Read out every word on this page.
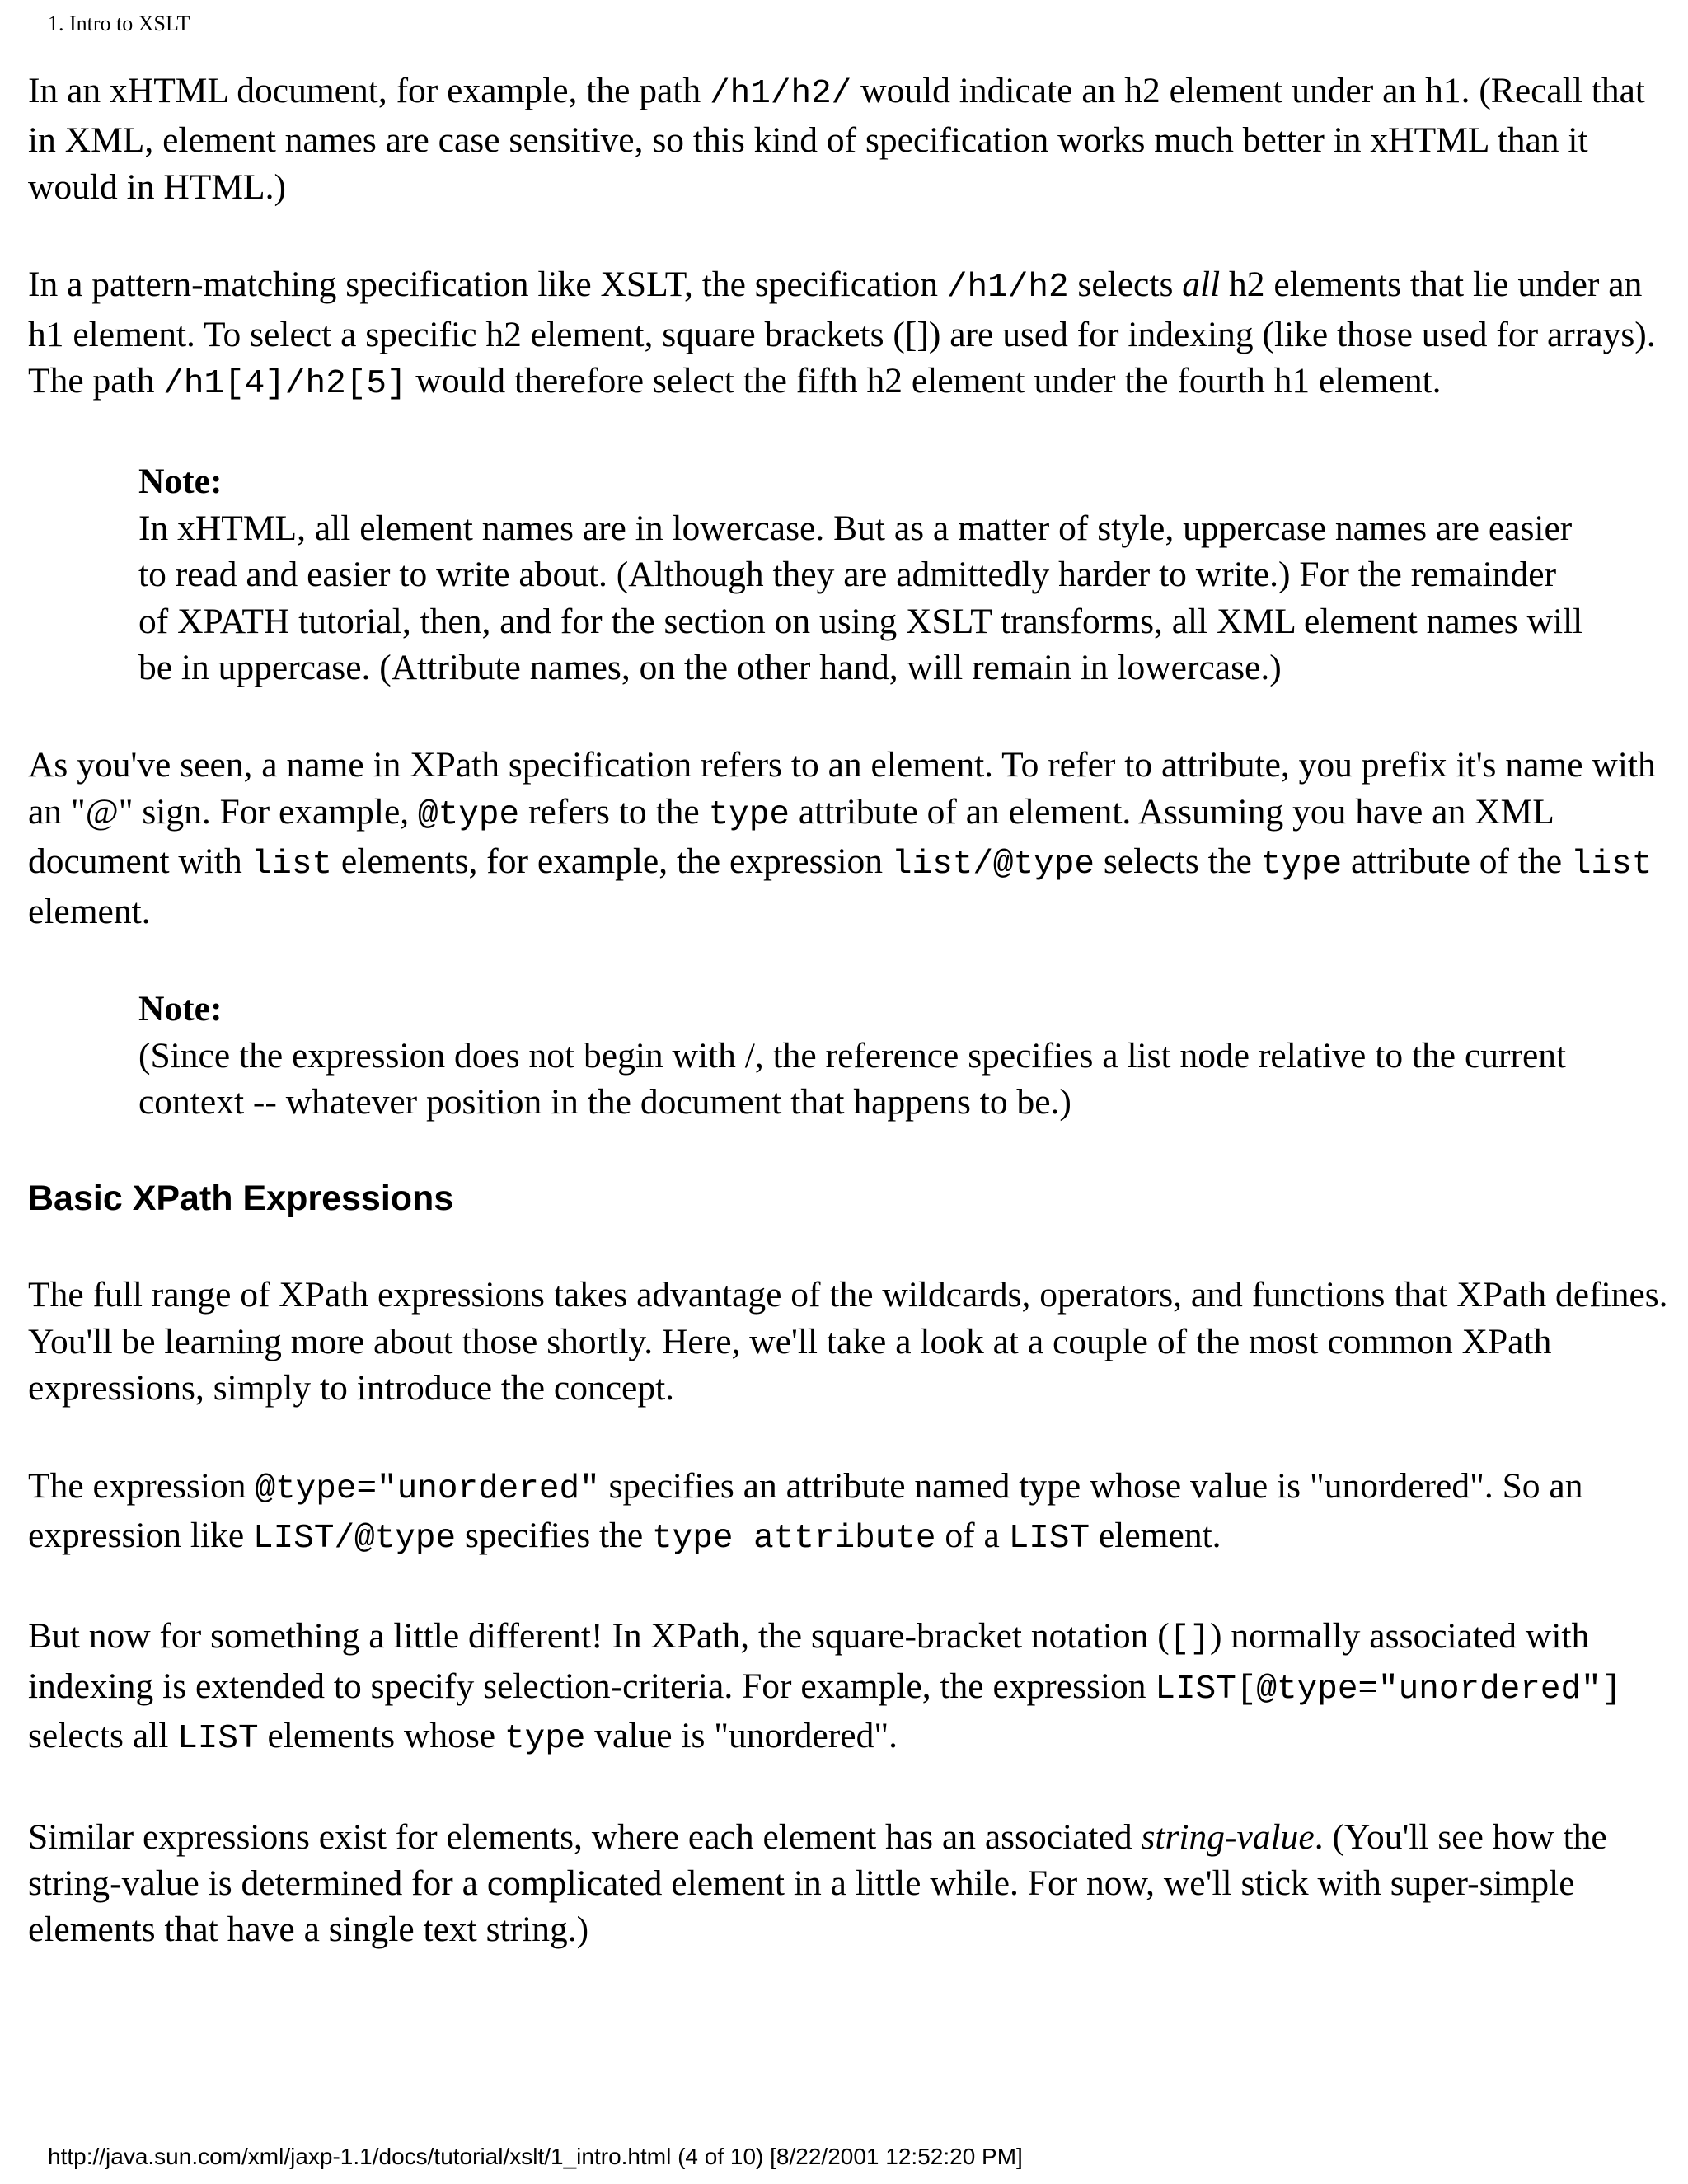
1. Intro to XSLT

In an xHTML document, for example, the path /h1/h2/ would indicate an h2 element under an h1. (Recall that in XML, element names are case sensitive, so this kind of specification works much better in xHTML than it would in HTML.)

In a pattern-matching specification like XSLT, the specification /h1/h2 selects all h2 elements that lie under an h1 element. To select a specific h2 element, square brackets ([]) are used for indexing (like those used for arrays). The path /h1[4]/h2[5] would therefore select the fifth h2 element under the fourth h1 element.

Note:
In xHTML, all element names are in lowercase. But as a matter of style, uppercase names are easier to read and easier to write about. (Although they are admittedly harder to write.) For the remainder of XPATH tutorial, then, and for the section on using XSLT transforms, all XML element names will be in uppercase. (Attribute names, on the other hand, will remain in lowercase.)

As you've seen, a name in XPath specification refers to an element. To refer to attribute, you prefix it's name with an "@" sign. For example, @type refers to the type attribute of an element. Assuming you have an XML document with list elements, for example, the expression list/@type selects the type attribute of the list element.

Note:
(Since the expression does not begin with /, the reference specifies a list node relative to the current context -- whatever position in the document that happens to be.)
Basic XPath Expressions

The full range of XPath expressions takes advantage of the wildcards, operators, and functions that XPath defines. You'll be learning more about those shortly. Here, we'll take a look at a couple of the most common XPath expressions, simply to introduce the concept.

The expression @type="unordered" specifies an attribute named type whose value is "unordered". So an expression like LIST/@type specifies the type attribute of a LIST element.

But now for something a little different! In XPath, the square-bracket notation ([]) normally associated with indexing is extended to specify selection-criteria. For example, the expression LIST[@type="unordered"] selects all LIST elements whose type value is "unordered".

Similar expressions exist for elements, where each element has an associated string-value. (You'll see how the string-value is determined for a complicated element in a little while. For now, we'll stick with super-simple elements that have a single text string.)

http://java.sun.com/xml/jaxp-1.1/docs/tutorial/xslt/1_intro.html (4 of 10) [8/22/2001 12:52:20 PM]
